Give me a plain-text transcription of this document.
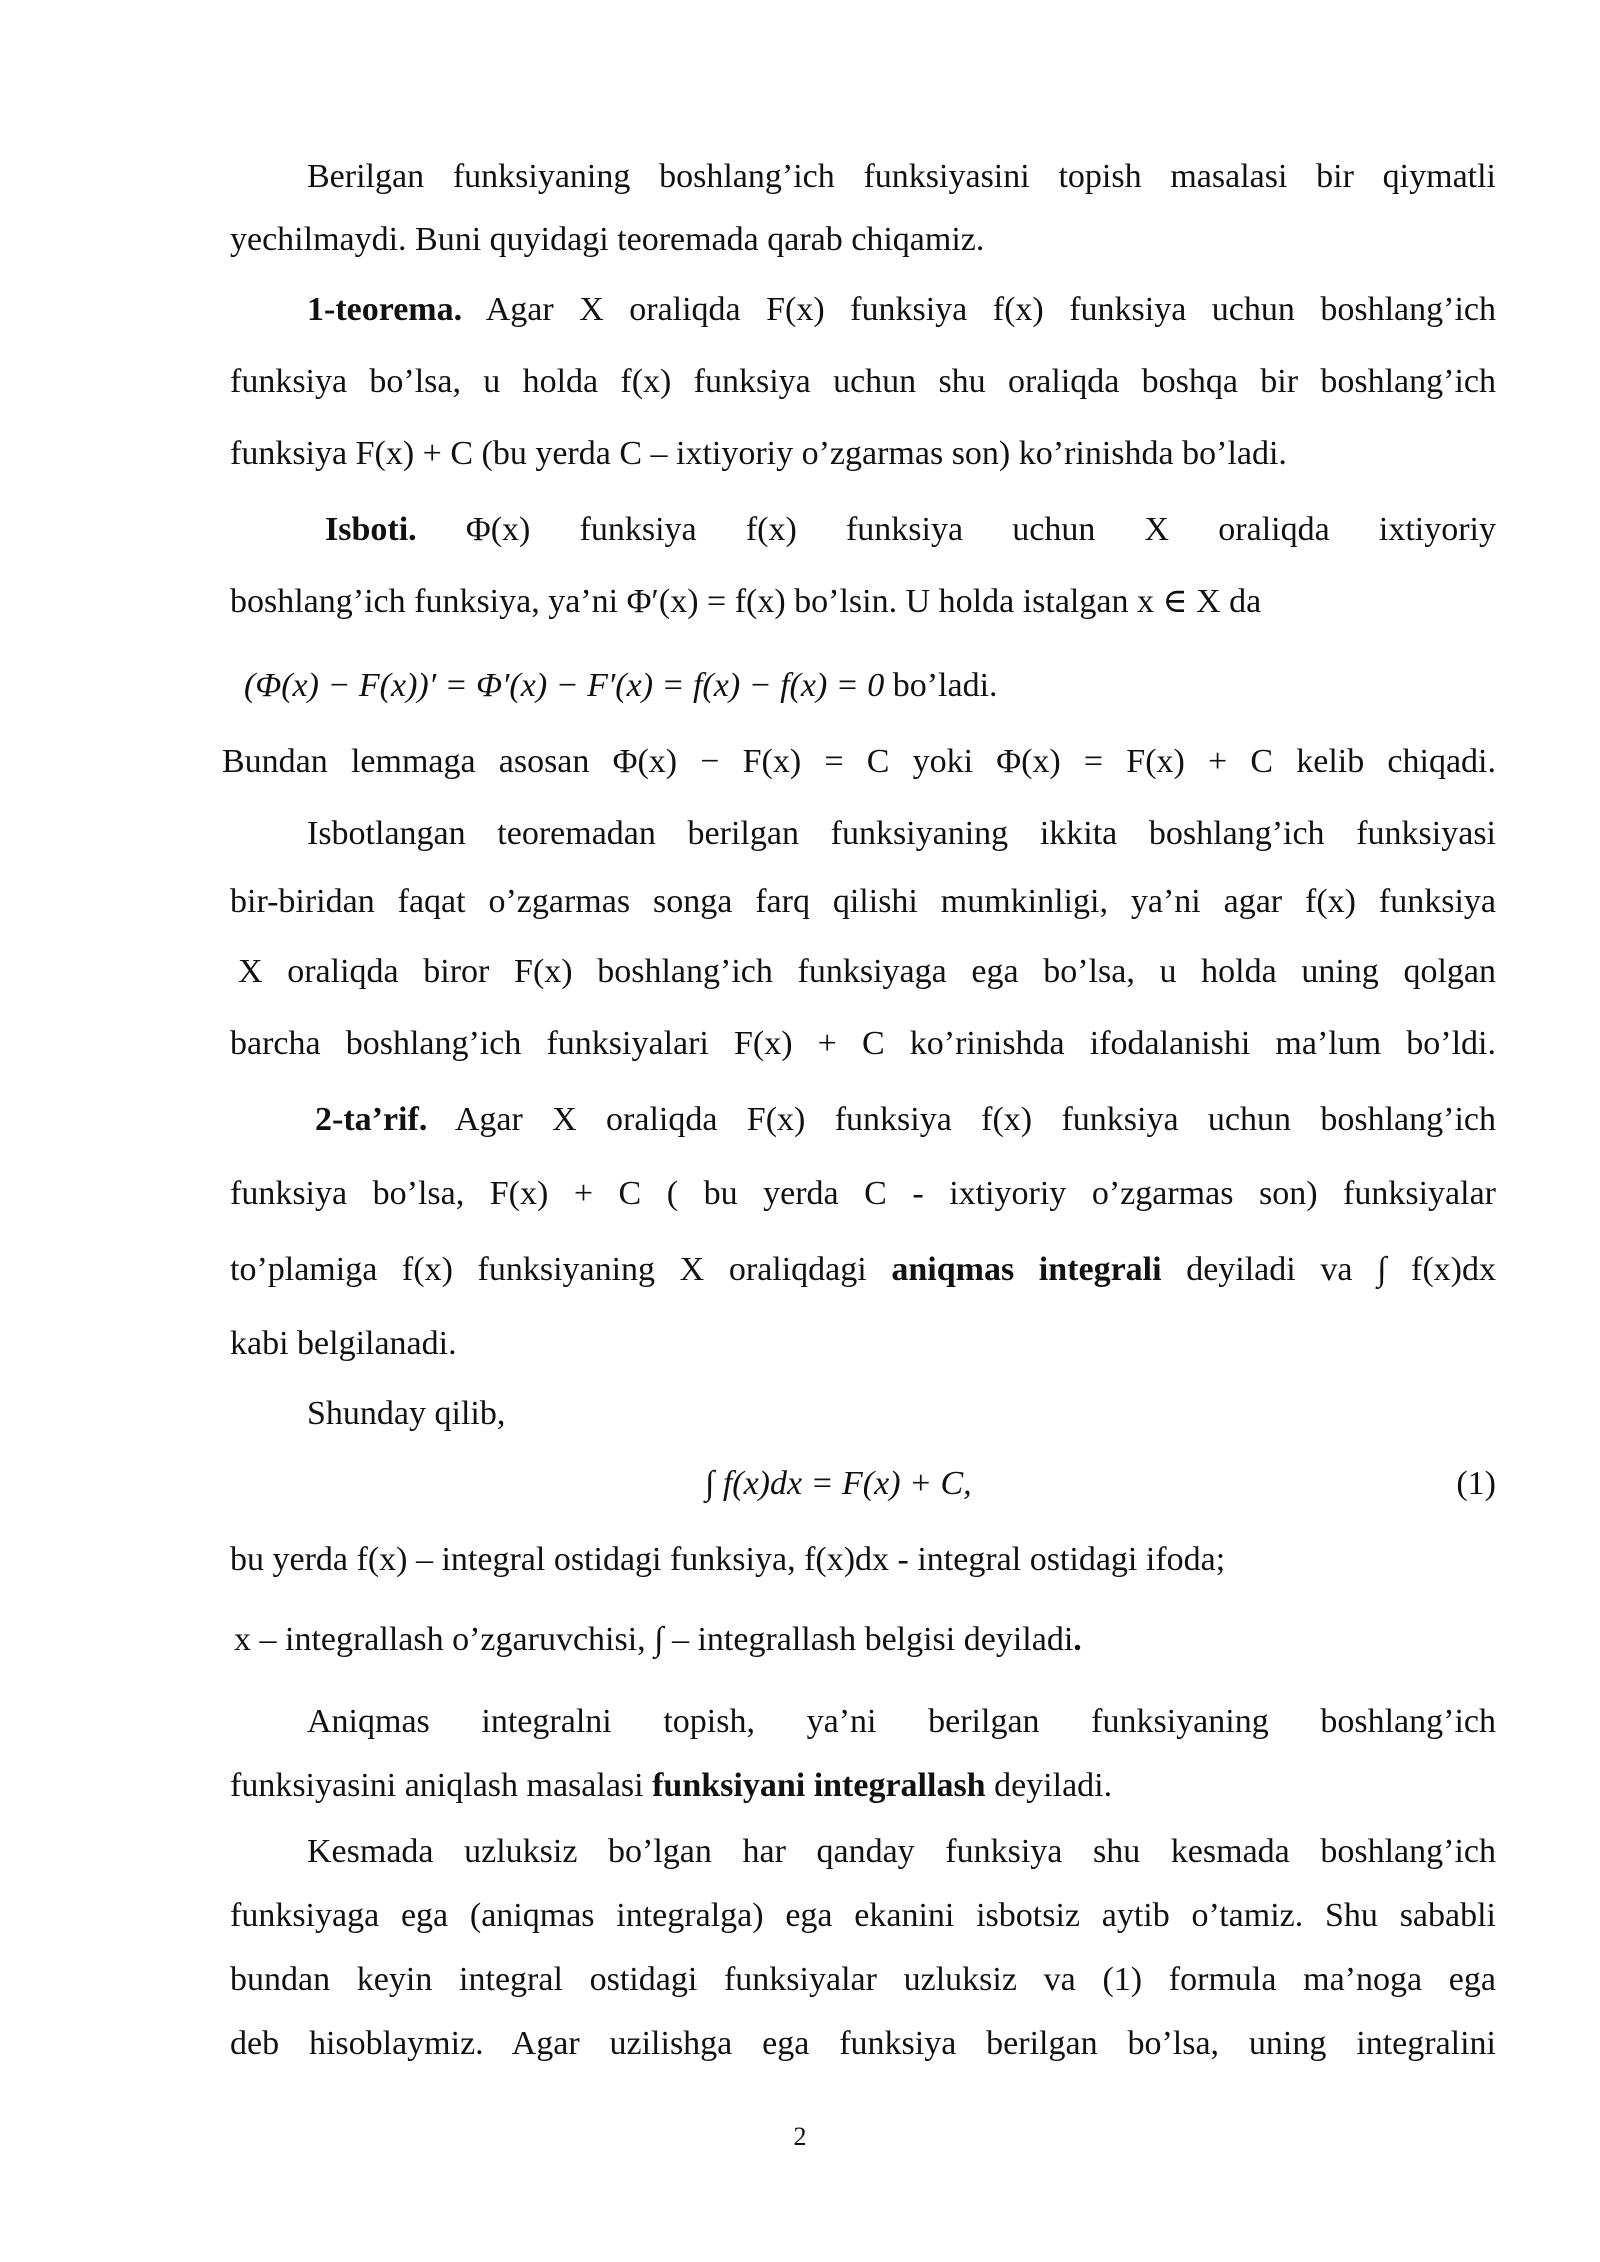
Berilgan funksiyaning boshlang’ich funksiyasini topish masalasi bir qiymatli
yechilmaydi. Buni quyidagi teoremada qarab chiqamiz.
1-teorema. Agar X oraliqda F(x) funksiya f(x) funksiya uchun boshlang’ich
funksiya bo’lsa, u holda f(x) funksiya uchun shu oraliqda boshqa bir boshlang’ich
funksiya F(x) + C (bu yerda C – ixtiyoriy o’zgarmas son) ko’rinishda bo’ladi.
Isboti. Φ(x) funksiya f(x) funksiya uchun X oraliqda ixtiyoriy
boshlang’ich funksiya, ya’ni Φ′(x) = f(x) bo’lsin. U holda istalgan x ∈ X da
(Φ(x) − F(x))′ = Φ′(x) − F′(x) = f(x) − f(x) = 0 bo’ladi.
Bundan lemmaga asosan Φ(x) − F(x) = C yoki Φ(x) = F(x) + C kelib chiqadi.
Isbotlangan teoremadan berilgan funksiyaning ikkita boshlang’ich funksiyasi
bir-biridan faqat o’zgarmas songa farq qilishi mumkinligi, ya’ni agar f(x) funksiya
X oraliqda biror F(x) boshlang’ich funksiyaga ega bo’lsa, u holda uning qolgan
barcha boshlang’ich funksiyalari F(x) + C ko’rinishda ifodalanishi ma’lum bo’ldi.
2-ta’rif. Agar X oraliqda F(x) funksiya f(x) funksiya uchun boshlang’ich
funksiya bo’lsa, F(x) + C ( bu yerda C - ixtiyoriy o’zgarmas son) funksiyalar
to’plamiga f(x) funksiyaning X oraliqdagi aniqmas integrali deyiladi va ∫ f(x)dx
kabi belgilanadi.
Shunday qilib,
∫ f(x)dx = F(x) + C,	(1)
bu yerda f(x) – integral ostidagi funksiya, f(x)dx - integral ostidagi ifoda;
x – integrallash o’zgaruvchisi, ∫ – integrallash belgisi deyiladi.
Aniqmas integralni topish, ya’ni berilgan funksiyaning boshlang’ich
funksiyasini aniqlash masalasi funksiyani integrallash deyiladi.
Kesmada uzluksiz bo’lgan har qanday funksiya shu kesmada boshlang’ich
funksiyaga ega (aniqmas integralga) ega ekanini isbotsiz aytib o’tamiz. Shu sababli
bundan keyin integral ostidagi funksiyalar uzluksiz va (1) formula ma’noga ega
deb hisoblaymiz. Agar uzilishga ega funksiya berilgan bo’lsa, uning integralini
2
